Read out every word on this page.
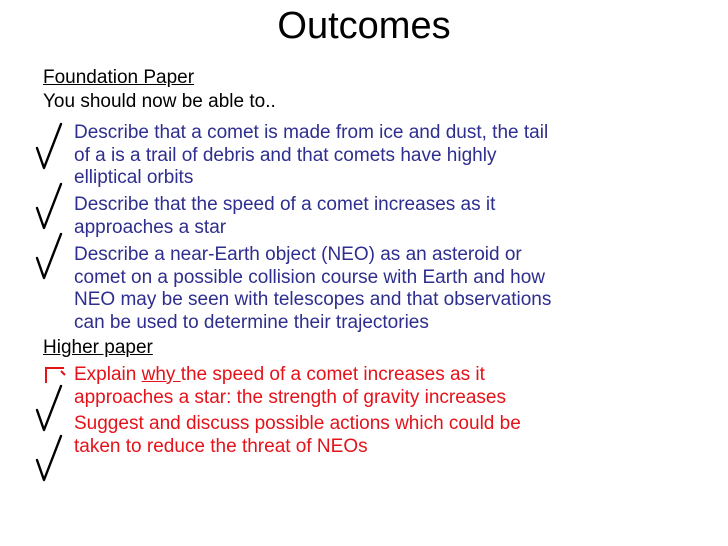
Outcomes
Foundation Paper
You should now be able to..
Describe that a comet is made from ice and dust, the tail
of a is a trail of debris and that comets have highly
elliptical orbits
Describe that the speed of a comet increases as it
approaches a star
Describe a near-Earth object (NEO) as an asteroid or
comet on a possible collision course with Earth and how
NEO may be seen with telescopes and that observations
can be used to determine their trajectories
Higher paper
Explain why the speed of a comet increases as it
approaches a star: the strength of gravity increases
Suggest and discuss possible actions which could be
taken to reduce the threat of NEOs
